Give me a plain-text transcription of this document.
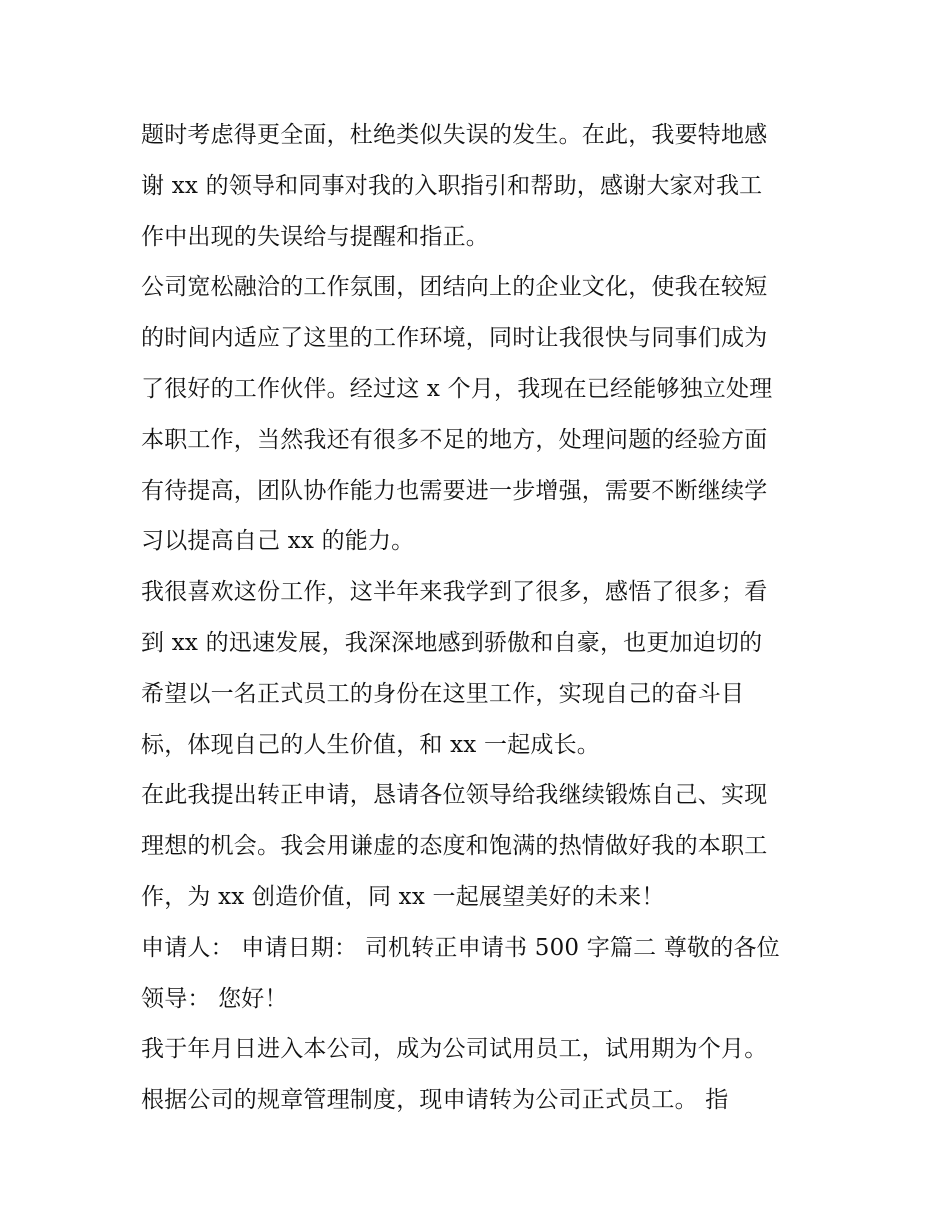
题时考虑得更全面，杜绝类似失误的发生。在此，我要特地感
谢 xx 的领导和同事对我的入职指引和帮助，感谢大家对我工
作中出现的失误给与提醒和指正。
公司宽松融洽的工作氛围，团结向上的企业文化，使我在较短
的时间内适应了这里的工作环境，同时让我很快与同事们成为
了很好的工作伙伴。经过这 x 个月，我现在已经能够独立处理
本职工作，当然我还有很多不足的地方，处理问题的经验方面
有待提高，团队协作能力也需要进一步增强，需要不断继续学
习以提高自己 xx 的能力。
我很喜欢这份工作，这半年来我学到了很多，感悟了很多；看
到 xx 的迅速发展，我深深地感到骄傲和自豪，也更加迫切的
希望以一名正式员工的身份在这里工作，实现自己的奋斗目
标，体现自己的人生价值，和 xx 一起成长。
在此我提出转正申请，恳请各位领导给我继续锻炼自己、实现
理想的机会。我会用谦虚的态度和饱满的热情做好我的本职工
作，为 xx 创造价值，同 xx 一起展望美好的未来！
申请人： 申请日期： 司机转正申请书 500 字篇二 尊敬的各位
领导： 您好！
我于年月日进入本公司，成为公司试用员工，试用期为个月。
根据公司的规章管理制度，现申请转为公司正式员工。 指
